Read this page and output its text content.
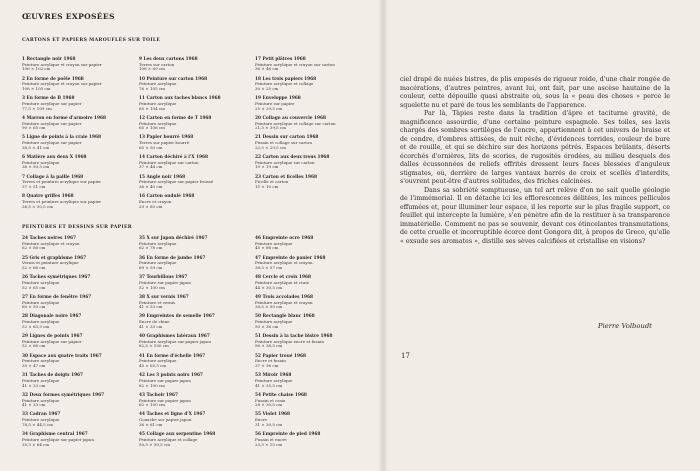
ŒUVRES EXPOSÉES
CARTONS ET PAPIERS MAROUFLÉS SUR TOILE
1 Rectangle noir 1968
Peinture acrylique et crayon sur papier
106 × 102 cm
2 En forme de poêle 1968
Peinture acrylique et crayon sur papier
108 × 105 cm
3 En forme de B 1968
Peinture acrylique sur papier
77,5 × 109 cm
4 Marron en forme d'armoire 1968
Peinture acrylique sur papier
90 × 65 cm
5 Ligne de points à la craie 1968
Peinture acrylique sur papier
38,5 × 41 cm
6 Matière aux deux X 1968
Peinture acrylique
36 × 50,5 cm
7 Collage à la paille 1968
Terres et peinture acrylique sur papier
37 × 51 cm
8 Quatre griffes 1968
Terres et peinture acrylique sur papier
26,5 × 30,5 cm
9 Les deux cartons 1968
Terres sur carton
108 × 69 cm
10 Peinture sur carton 1968
Peinture acrylique
76 × 105 cm
11 Carton aux taches blancs 1968
Peinture acrylique
65 × 104 cm
12 Carton en forme de T 1968
Peinture acrylique
65 × 106 cm
13 Papier bourré 1968
Terres sur papier bourré
65 × 50 cm
14 Carton déchiré à l'X 1968
Peinture acrylique sur carton
37 × 44 cm
15 Angle noir 1968
Peinture acrylique sur papier froissé
36 × 40 cm
16 Carton ondulé 1968
Encre et crayon
29 × 80 cm
17 Petit plâtres 1968
Peinture acrylique et crayon sur carton
36 × 48 cm
18 Les trois papiers 1968
Peinture acrylique et collage
30 × 25 cm
19 Enveloppe 1968
Peinture sur papier
25 × 29,5 cm
20 Collage au couvercle 1968
Peinture acrylique et collage sur carton
21,5 × 39,5 cm
21 Dessin sur carton 1968
Fusain et collage sur carton
22,5 × 29,5 cm
22 Carton aux deux trous 1968
Peinture acrylique sur carton
19 × 19 cm
23 Carton et ficelles 1968
Ficelle et carton
15 × 10 cm
PEINTURES ET DESSINS SUR PAPIER
24 Taches noires 1967
Peinture acrylique et crayon
62 × 86 cm
25 Gris et graphisme 1967
Vernis et peinture acrylique
52 × 66 cm
26 Taches symétriques 1967
Peinture acrylique
52 × 65 cm
27 En forme de fenêtre 1967
Peinture acrylique
60 × 50 cm
28 Diagonale noire 1967
Peinture acrylique
52 × 65,5 cm
29 Lignes de points 1967
Peinture acrylique sur papier
52 × 66 cm
30 Espace aux quatre traits 1967
Peinture acrylique
35 × 47 cm
31 Taches de doigts 1967
Peinture acrylique
41 × 33 cm
32 Deux formes symétriques 1967
Peinture acrylique
41 × 33 cm
33 Cadran 1967
Peinture acrylique
78,5 × 44,5 cm
34 Graphisme central 1967
Peinture acrylique sur papier japon
35,5 × 64 cm
35 X sur Japon déchiré 1967
Peinture acrylique
62 × 78 cm
36 En forme de jambe 1967
Peinture acrylique
69 × 59 cm
37 Tourbillons 1967
Peinture sur papier japon
52 × 100 cm
38 X sur vernis 1967
Peinture et vernis
41 × 33 cm
39 Empreintes de semelle 1967
Encre de chine
41 × 33 cm
40 Graphismes latéraux 1967
Peinture acrylique sur papier japon
62,5 × 100 cm
41 En forme d'échelle 1967
Peinture acrylique
45 × 65,5 cm
42 Les 3 points noirs 1967
Peinture sur papier japon
62 × 100 cm
43 Tachoir 1967
Peinture sur papier japon
62 × 100 cm
44 Taches et ligne d'X 1967
Gouache sur papier japon
36 × 61 cm
45 Collage aux serpentine 1968
Peinture acrylique et collage
50,5 × 30,5 cm
46 Empreinte ocre 1968
Peinture acrylique
45 × 88 cm
47 Empreinte de panier 1968
Peinture acrylique et crayon
38,5 × 57 cm
48 Cercle et croix 1968
Peinture acrylique et craie
44 × 30,5 cm
49 Trois accolades 1968
Peinture acrylique et crayon
38,5 × 50 cm
50 Rectangle blanc 1968
Peinture acrylique
50 × 36 cm
51 Dessin à la tache bistre 1968
Peinture acrylique encre et fusain
56 × 38,5 cm
52 Papier troué 1968
Encre et fusain
37 × 36 cm
53 Miroir 1968
Peinture acrylique
41 × 35,5 cm
54 Petite chaise 1968
Fusain et craie
28 × 30,5 cm
55 Violet 1968
Encre
31 × 30,5 cm
56 Empreinte de pied 1968
Fusain et encre
23,5 × 15 cm

ciel drapé de nuées bistres, de plis empesés de rigueur roide, d'une chair rongée de macérations, d'autres peintres, avant lui, ont fait, par une ascèse hautaine de la couleur, cette dépouille quasi abstraite où, sous la « peau des choses » perce le squelette nu et paré de tous les semblants de l'apparence.

Par là, Tàpies reste dans la tradition d'âpre et taciturne gravité, de magnificence assourdie, d'une certaine peinture espagnole. Ses toiles, ses lavis chargés des sombres sortilèges de l'encre, appartiennent à cet univers de braise et de cendre, d'ombres attisées, de nuit rêche, d'évidences torrides, couleur de bure et de rouille, et qui se déchire sur des horizons pétrés. Espaces brûlants, déserts écorchés d'ornières, lits de scories, de rugosités érodées, au milieu desquels des dalles écussonnées de reliefs effrités dressent leurs faces blessées d'anguleux stigmates, où, derrière de larges vantaux barrés de croix et scellés d'interdits, s'ouvrent peut-être d'autres solitudes, des friches calcinées.

Dans sa sobriété somptueuse, un tel art relève d'on ne sait quelle géologie de l'immémorial. Il en détache ici les efflorescences délitées, les minces pellicules effumées et, pour illuminer leur espace, il les reporte sur le plus fragile support, ce feuillet qui intercepte la lumière, s'en pénètre afin de la restituer à sa transparence immatérielle. Comment ne pas se souvenir, devant ces étincelantes transmutations, de cette cruelle et incorruptible écorce dont Gongora dit, à propos de Greco, qu'elle « exsude ses aromates », distille ses sèves calcifiées et cristallise en visions?

Pierre Volboudt
17
